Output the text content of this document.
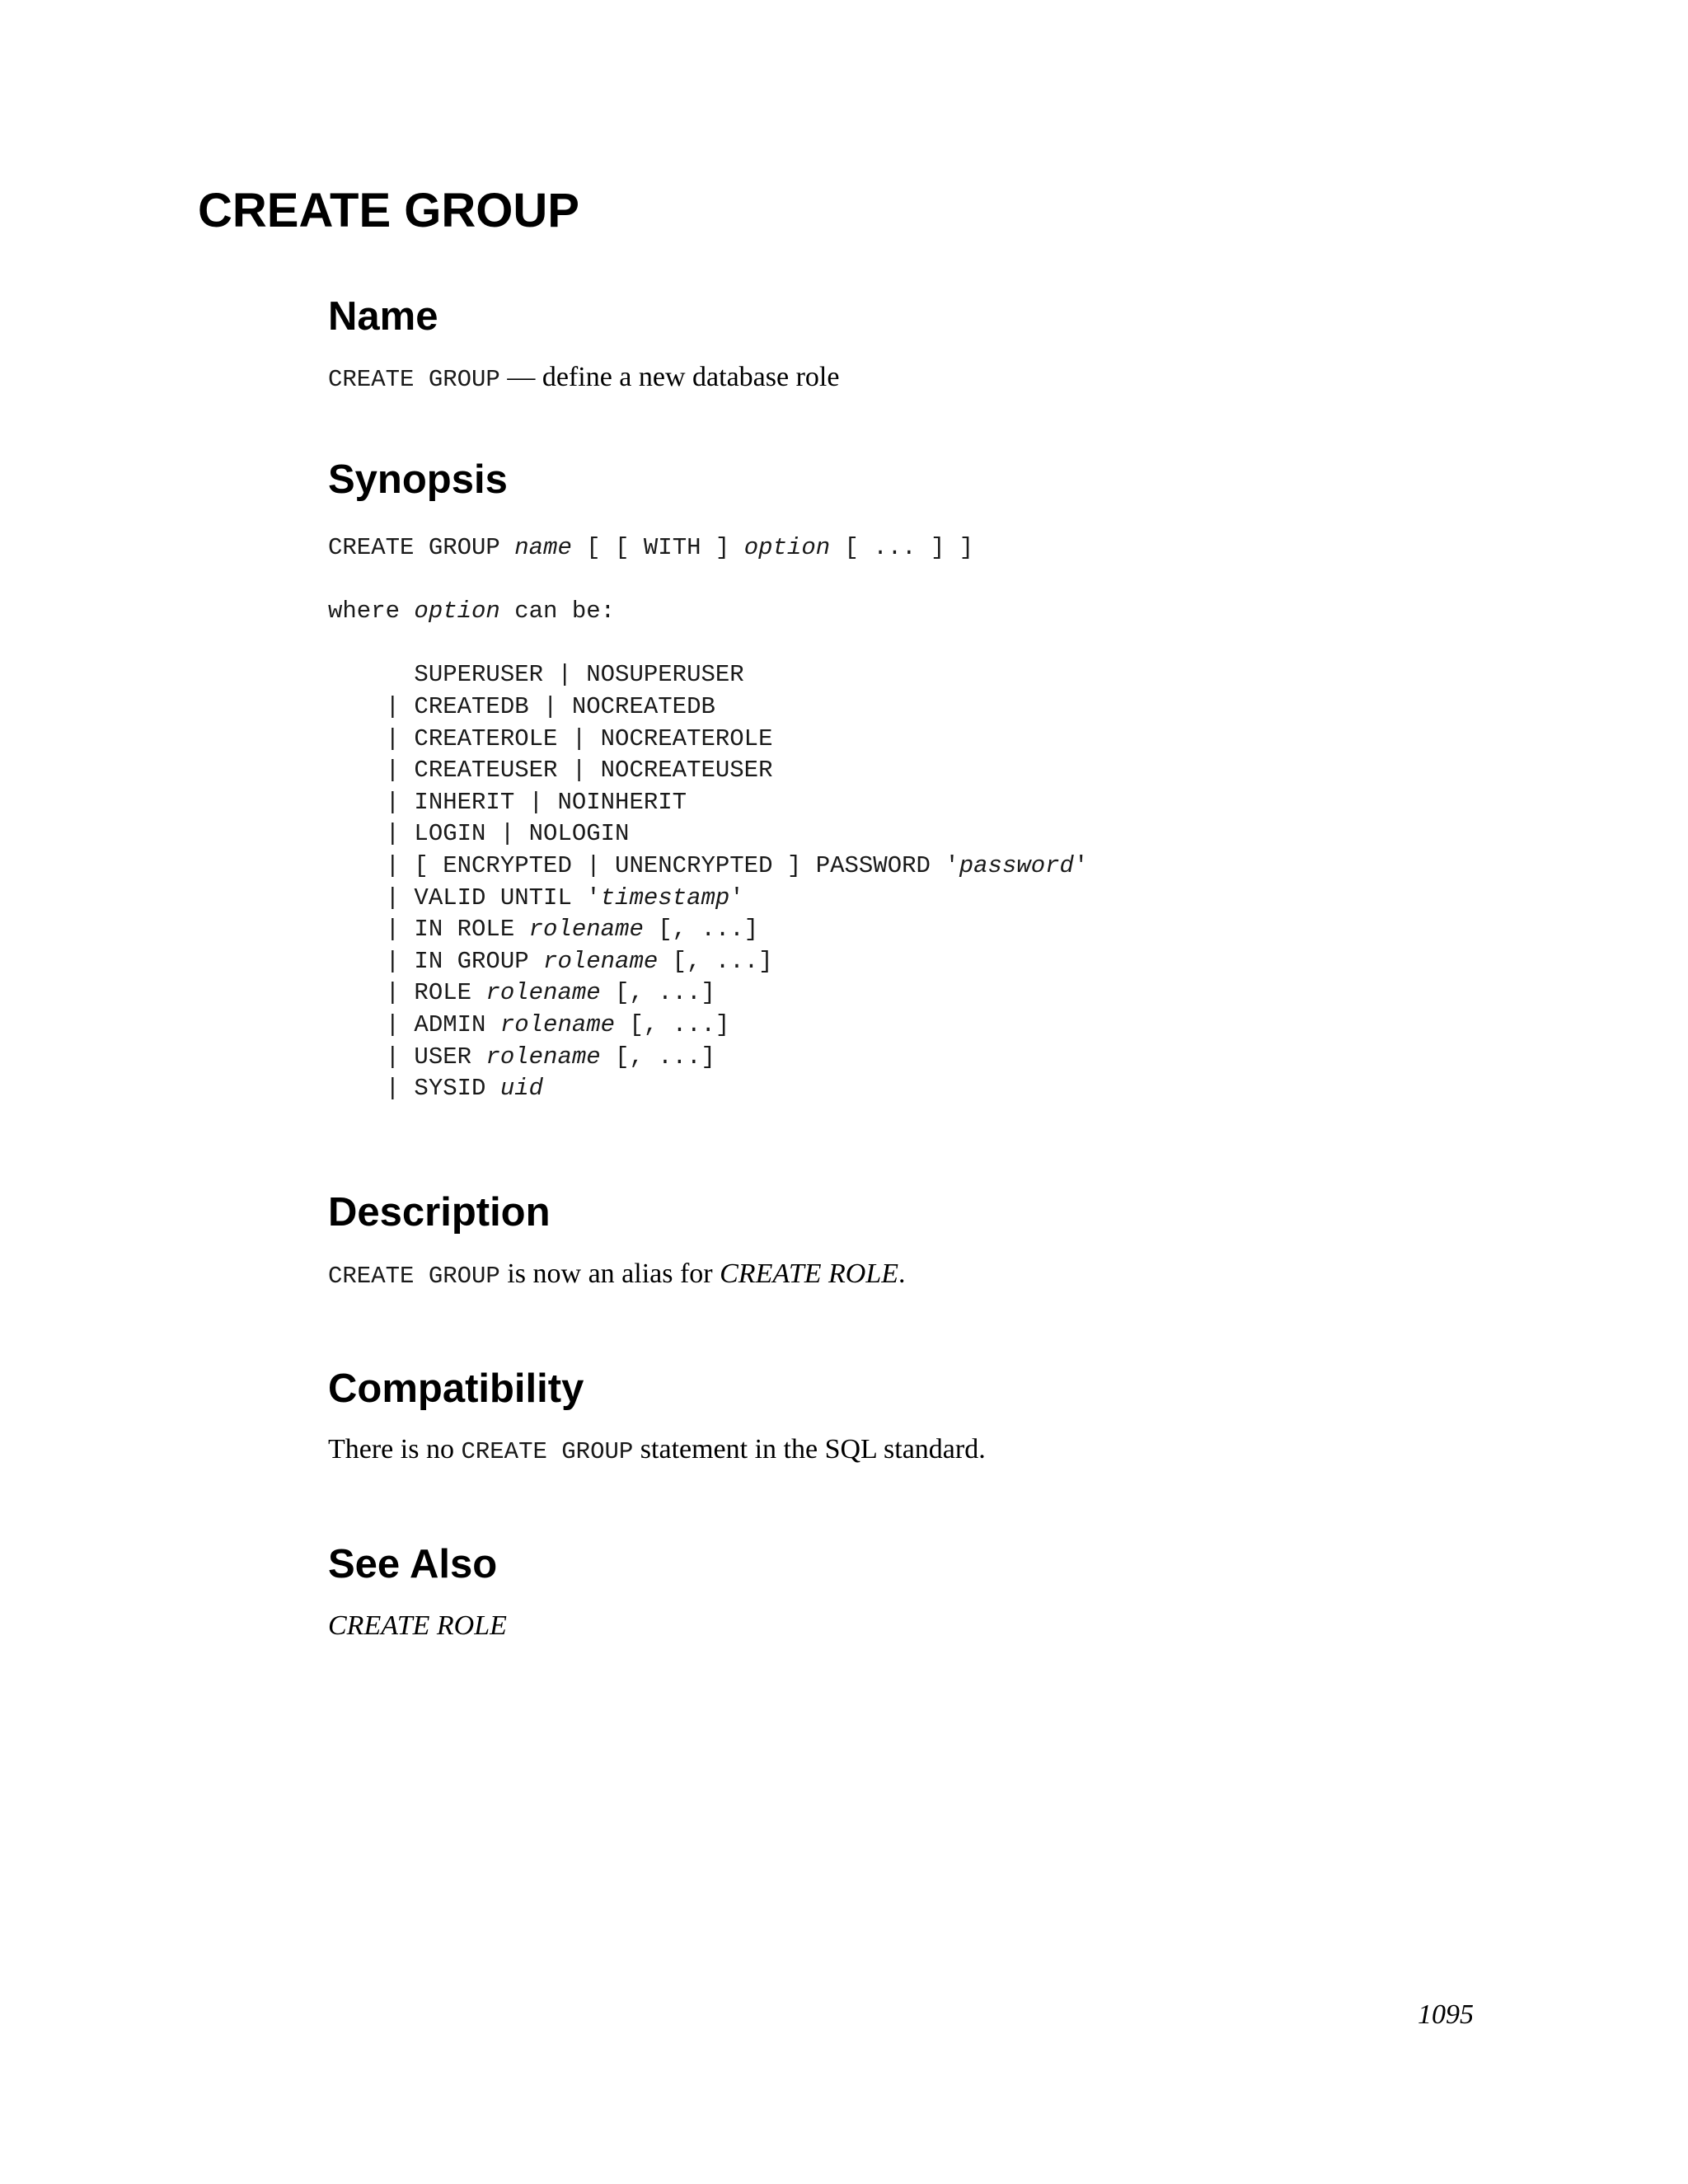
CREATE GROUP
Name

CREATE GROUP — define a new database role

Synopsis
CREATE GROUP name [ [ WITH ] option [ ... ] ]

where option can be:

SUPERUSER | NOSUPERUSER
| CREATEDB | NOCREATEDB
| CREATEROLE | NOCREATEROLE
| CREATEUSER | NOCREATEUSER
| INHERIT | NOINHERIT
| LOGIN | NOLOGIN
| [ ENCRYPTED | UNENCRYPTED ] PASSWORD 'password'
| VALID UNTIL 'timestamp'
| IN ROLE rolename [, ...]
| IN GROUP rolename [, ...]
| ROLE rolename [, ...]
| ADMIN rolename [, ...]
| USER rolename [, ...]
| SYSID uid
Description

CREATE GROUP is now an alias for CREATE ROLE.

Compatibility

There is no CREATE GROUP statement in the SQL standard.

See Also

CREATE ROLE

1095
